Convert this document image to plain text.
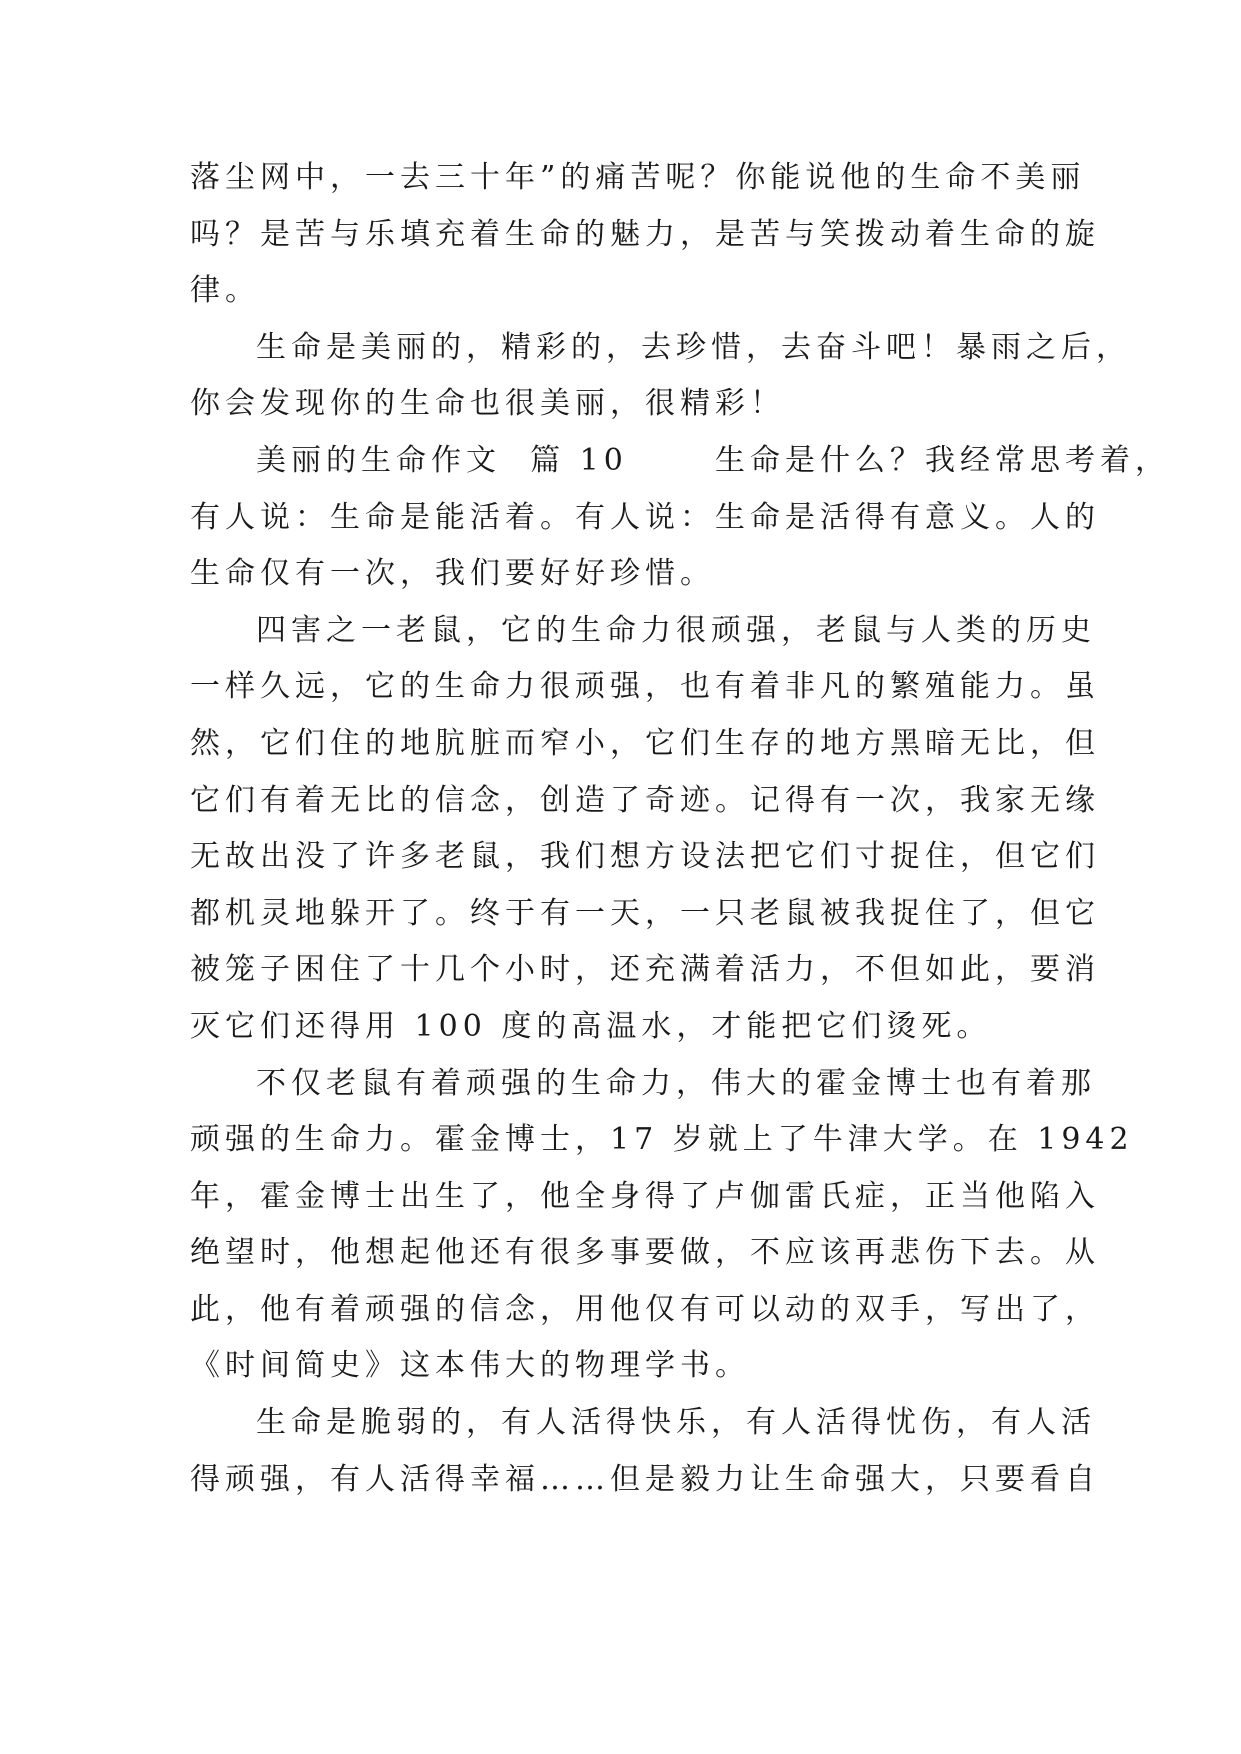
落尘网中，一去三十年”的痛苦呢？你能说他的生命不美丽
吗？是苦与乐填充着生命的魅力，是苦与笑拨动着生命的旋
律。
生命是美丽的，精彩的，去珍惜，去奋斗吧！暴雨之后，
你会发现你的生命也很美丽，很精彩！
美丽的生命作文  篇 10      生命是什么？我经常思考着，
有人说：生命是能活着。有人说：生命是活得有意义。人的
生命仅有一次，我们要好好珍惜。
四害之一老鼠，它的生命力很顽强，老鼠与人类的历史
一样久远，它的生命力很顽强，也有着非凡的繁殖能力。虽
然，它们住的地肮脏而窄小，它们生存的地方黑暗无比，但
它们有着无比的信念，创造了奇迹。记得有一次，我家无缘
无故出没了许多老鼠，我们想方设法把它们寸捉住，但它们
都机灵地躲开了。终于有一天，一只老鼠被我捉住了，但它
被笼子困住了十几个小时，还充满着活力，不但如此，要消
灭它们还得用 100 度的高温水，才能把它们烫死。
不仅老鼠有着顽强的生命力，伟大的霍金博士也有着那
顽强的生命力。霍金博士，17 岁就上了牛津大学。在 1942
年，霍金博士出生了，他全身得了卢伽雷氏症，正当他陷入
绝望时，他想起他还有很多事要做，不应该再悲伤下去。从
此，他有着顽强的信念，用他仅有可以动的双手，写出了，
《时间简史》这本伟大的物理学书。
生命是脆弱的，有人活得快乐，有人活得忧伤，有人活
得顽强，有人活得幸福……但是毅力让生命强大，只要看自
